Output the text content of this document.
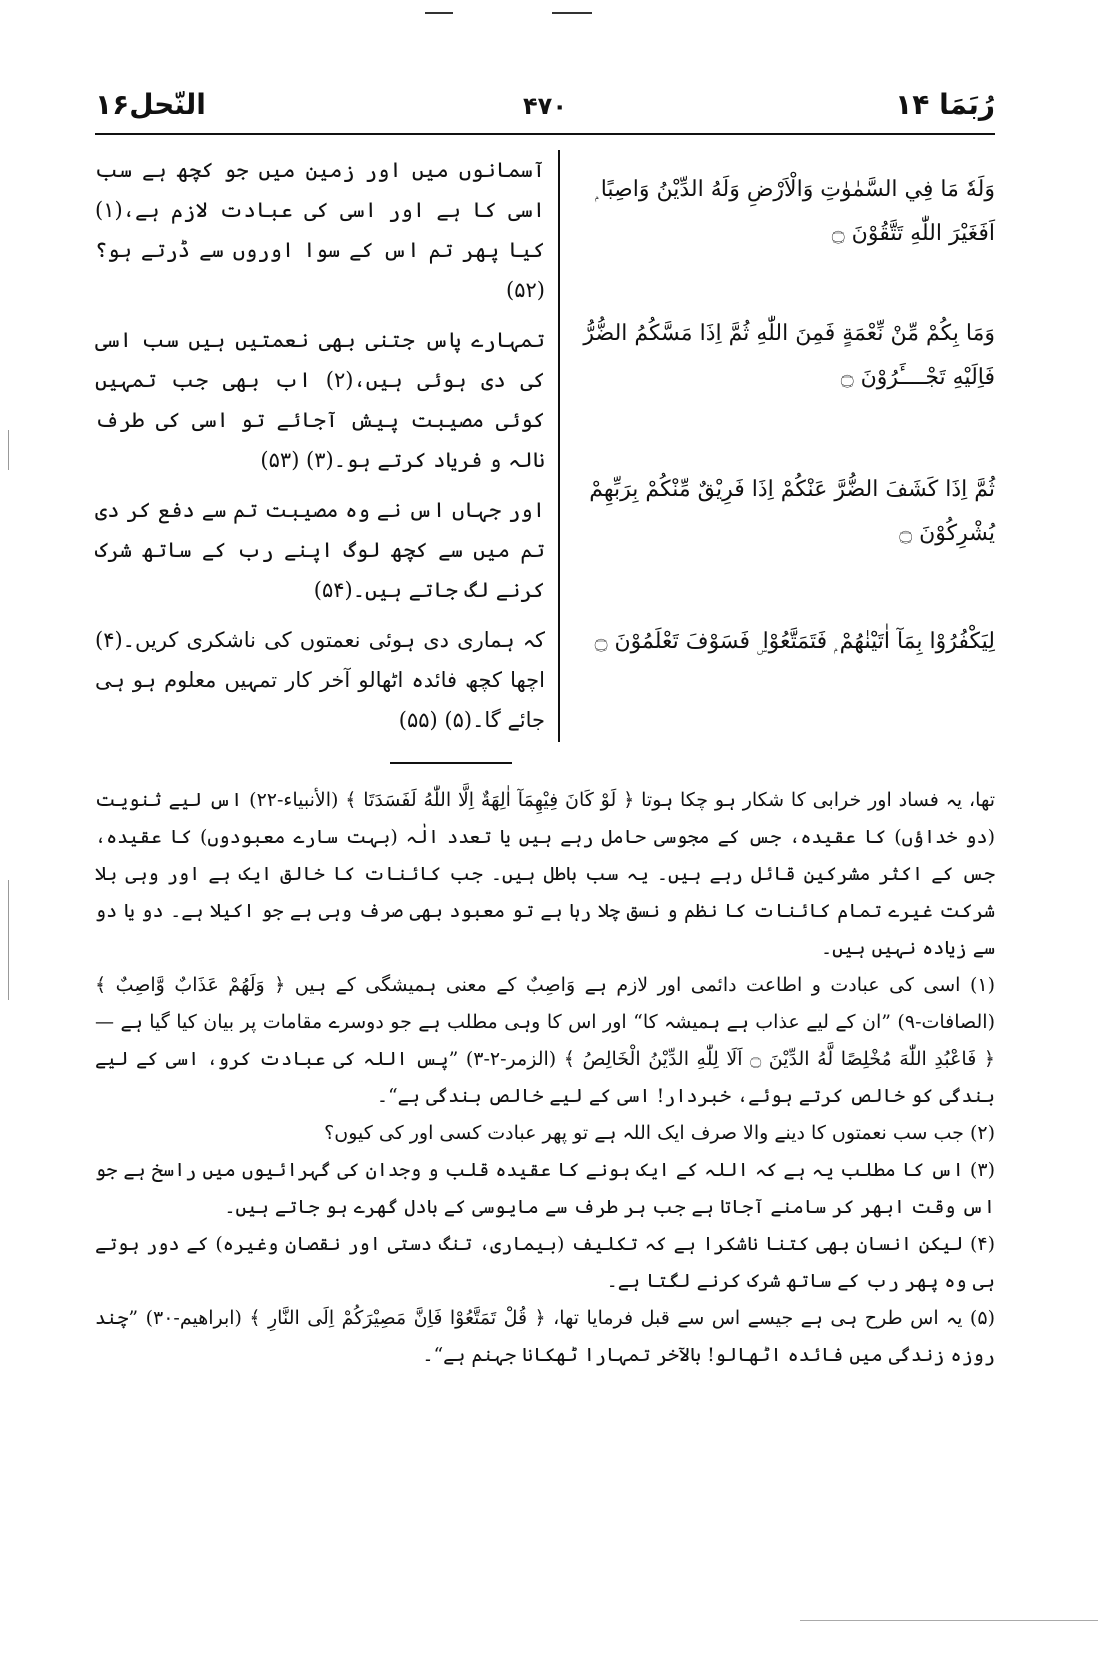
رُبَمَا ۱۴
۴۷۰
النّحل۱۶
وَلَهٗ مَا فِي السَّمٰوٰتِ وَالْاَرْضِ وَلَهُ الدِّيْنُ وَاصِبًا ۭ اَفَغَيْرَ اللّٰهِ تَتَّقُوْنَ ۝
وَمَا بِكُمْ مِّنْ نِّعْمَةٍ فَمِنَ اللّٰهِ ثُمَّ اِذَا مَسَّكُمُ الضُّرُّ فَاِلَيْهِ تَجْــــَٔرُوْنَ ۝
ثُمَّ اِذَا كَشَفَ الضُّرَّ عَنْكُمْ اِذَا فَرِيْقٌ مِّنْكُمْ بِرَبِّهِمْ يُشْرِكُوْنَ ۝
لِيَكْفُرُوْا بِمَآ اٰتَيْنٰهُمْ ۭ فَتَمَتَّعُوْا ۣ فَسَوْفَ تَعْلَمُوْنَ ۝

آسمانوں میں اور زمین میں جو کچھ ہے سب اسی کا ہے اور اسی کی عبادت لازم ہے،(۱) کیا پھر تم اس کے سوا اوروں سے ڈرتے ہو؟(۵۲)

تمہارے پاس جتنی بھی نعمتیں ہیں سب اسی کی دی ہوئی ہیں،(۲) اب بھی جب تمہیں کوئی مصیبت پیش آجائے تو اسی کی طرف نالہ و فریاد کرتے ہو۔(۳) (۵۳)

اور جہاں اس نے وہ مصیبت تم سے دفع کر دی تم میں سے کچھ لوگ اپنے رب کے ساتھ شرک کرنے لگ جاتے ہیں۔(۵۴)

کہ ہماری دی ہوئی نعمتوں کی ناشکری کریں۔(۴) اچھا کچھ فائدہ اٹھالو آخر کار تمہیں معلوم ہو ہی جائے گا۔(۵) (۵۵)

تھا، یہ فساد اور خرابی کا شکار ہو چکا ہوتا ﴿ لَوْ كَانَ فِيْهِمَآ اٰلِهَةٌ اِلَّا اللّٰهُ لَفَسَدَتَا ﴾ (الأنبیاء-۲۲) اس لیے ثنویت (دو خداؤں) کا عقیدہ، جس کے مجوسی حامل رہے ہیں یا تعدد الٰہ (بہت سارے معبودوں) کا عقیدہ، جس کے اکثر مشرکین قائل رہے ہیں۔ یہ سب باطل ہیں۔ جب کائنات کا خالق ایک ہے اور وہی بلا شرکت غیرے تمام کائنات کا نظم و نسق چلا رہا ہے تو معبود بھی صرف وہی ہے جو اکیلا ہے۔ دو یا دو سے زیادہ نہیں ہیں۔

(۱) اسی کی عبادت و اطاعت دائمی اور لازم ہے وَاصِبٌ کے معنی ہمیشگی کے ہیں ﴿ وَلَهُمْ عَذَابٌ وَّاصِبٌ ﴾ (الصافات-۹) ”ان کے لیے عذاب ہے ہمیشہ کا“ اور اس کا وہی مطلب ہے جو دوسرے مقامات پر بیان کیا گیا ہے — ﴿ فَاعْبُدِ اللّٰهَ مُخْلِصًا لَّهُ الدِّيْنَ ۝ اَلَا لِلّٰهِ الدِّيْنُ الْخَالِصُ ﴾ (الزمر-۲-۳) ”پس اللہ کی عبادت کرو، اسی کے لیے بندگی کو خالص کرتے ہوئے، خبردار! اسی کے لیے خالص بندگی ہے“۔

(۲) جب سب نعمتوں کا دینے والا صرف ایک اللہ ہے تو پھر عبادت کسی اور کی کیوں؟

(۳) اس کا مطلب یہ ہے کہ اللہ کے ایک ہونے کا عقیدہ قلب و وجدان کی گہرائیوں میں راسخ ہے جو اس وقت ابھر کر سامنے آجاتا ہے جب ہر طرف سے مایوسی کے بادل گھرے ہو جاتے ہیں۔

(۴) لیکن انسان بھی کتنا ناشکرا ہے کہ تکلیف (بیماری، تنگ دستی اور نقصان وغیرہ) کے دور ہوتے ہی وہ پھر رب کے ساتھ شرک کرنے لگتا ہے۔

(۵) یہ اس طرح ہی ہے جیسے اس سے قبل فرمایا تھا، ﴿ قُلْ تَمَتَّعُوْا فَاِنَّ مَصِيْرَكُمْ اِلَى النَّارِ ﴾ (ابراھیم-۳۰) ”چند روزہ زندگی میں فائدہ اٹھالو! بالآخر تمہارا ٹھکانا جہنم ہے“۔
